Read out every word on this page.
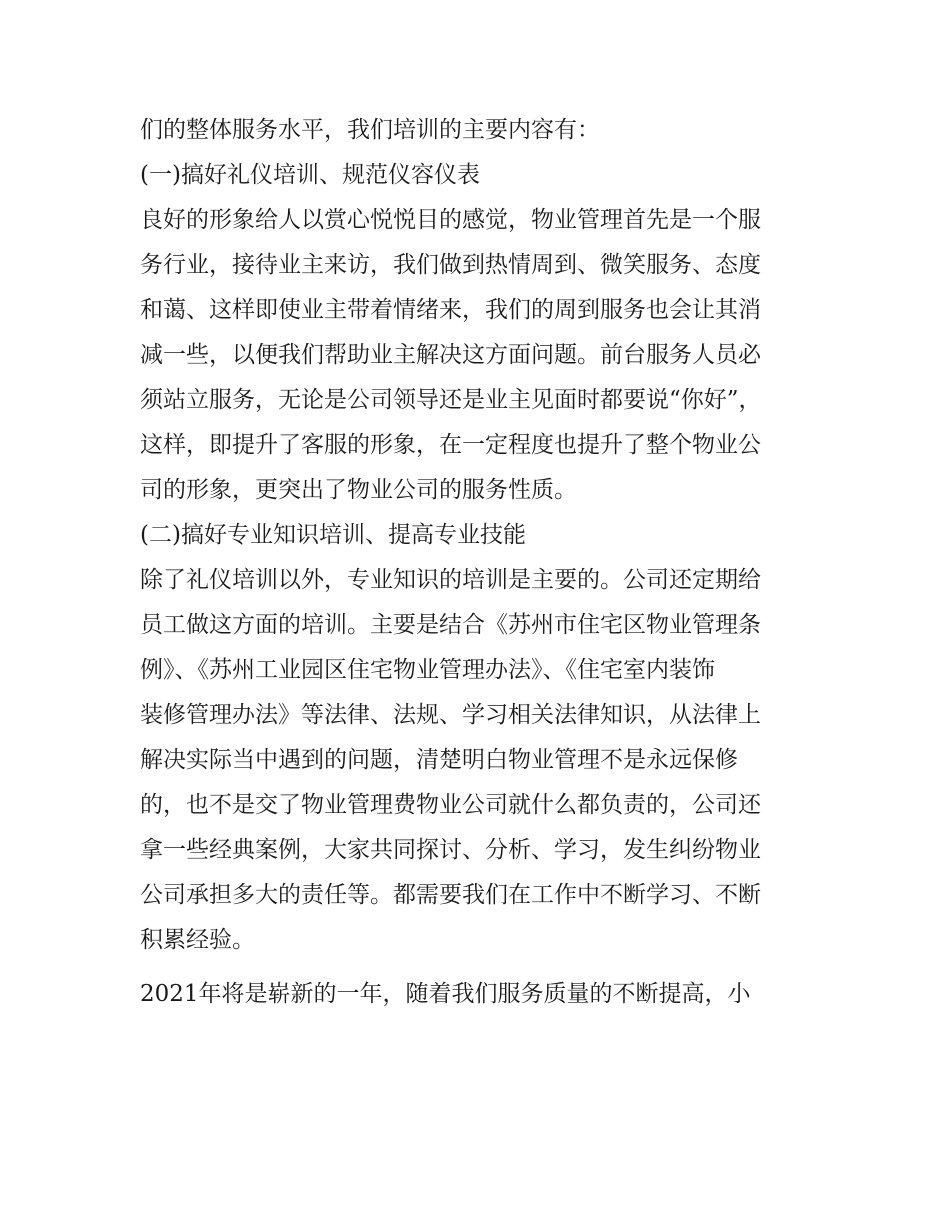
们的整体服务水平，我们培训的主要内容有：
(一)搞好礼仪培训、规范仪容仪表
良好的形象给人以赏心悦悦目的感觉，物业管理首先是一个服
务行业，接待业主来访，我们做到热情周到、微笑服务、态度
和蔼、这样即使业主带着情绪来，我们的周到服务也会让其消
减一些，以便我们帮助业主解决这方面问题。前台服务人员必
须站立服务，无论是公司领导还是业主见面时都要说“你好”，
这样，即提升了客服的形象，在一定程度也提升了整个物业公
司的形象，更突出了物业公司的服务性质。
(二)搞好专业知识培训、提高专业技能
除了礼仪培训以外，专业知识的培训是主要的。公司还定期给
员工做这方面的培训。主要是结合《苏州市住宅区物业管理条
例》、《苏州工业园区住宅物业管理办法》、《住宅室内装饰
装修管理办法》等法律、法规、学习相关法律知识，从法律上
解决实际当中遇到的问题，清楚明白物业管理不是永远保修
的，也不是交了物业管理费物业公司就什么都负责的，公司还
拿一些经典案例，大家共同探讨、分析、学习，发生纠纷物业
公司承担多大的责任等。都需要我们在工作中不断学习、不断
积累经验。
2021年将是崭新的一年，随着我们服务质量的不断提高，小
